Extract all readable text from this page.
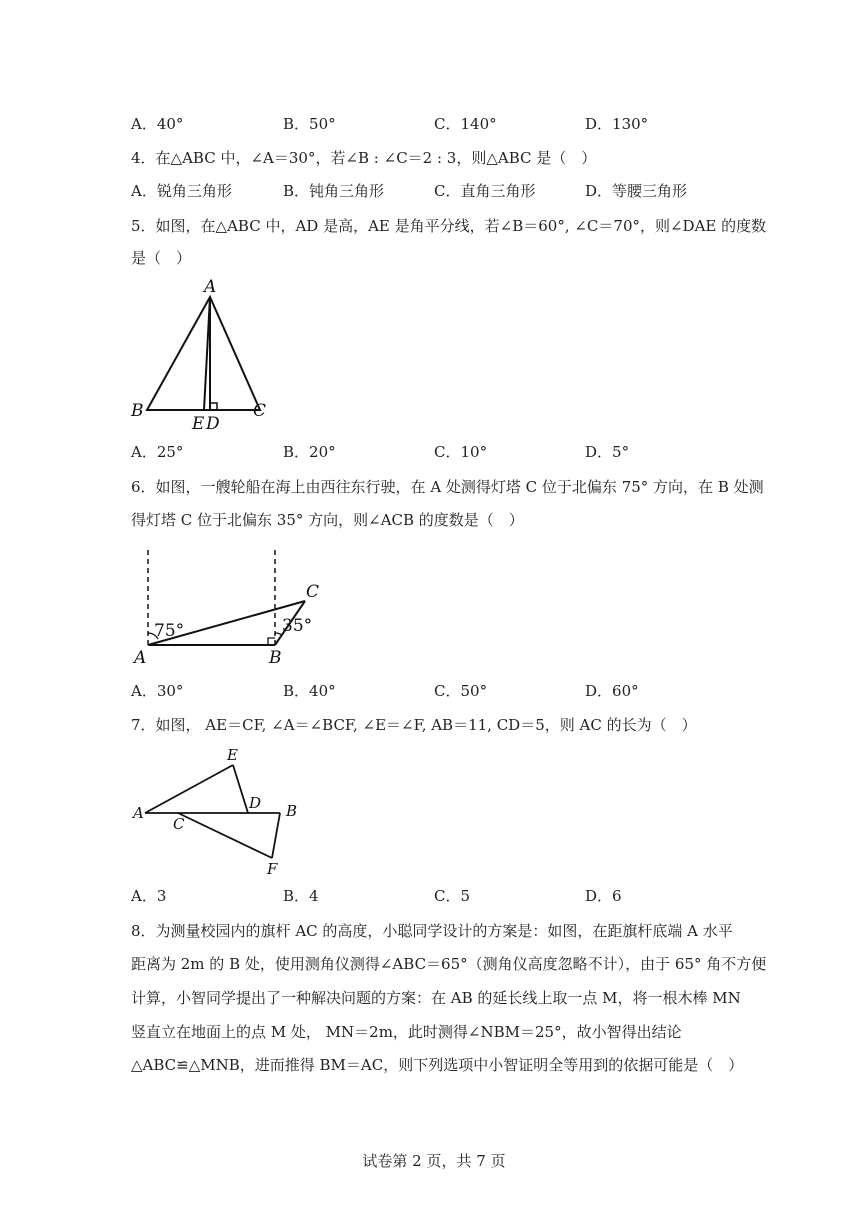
A．40°	B．50°	C．140°	D．130°
4．在△ABC 中，∠A＝30°，若∠B : ∠C＝2 : 3，则△ABC 是（　）
A．锐角三角形	B．钝角三角形	C．直角三角形	D．等腰三角形
5．如图，在△ABC 中，AD 是高，AE 是角平分线，若∠B＝60°, ∠C＝70°，则∠DAE 的度数
是（　）
A
B	C
E D
A．25°	B．20°	C．10°	D．5°
6．如图，一艘轮船在海上由西往东行驶，在 A 处测得灯塔 C 位于北偏东 75° 方向，在 B 处测
得灯塔 C 位于北偏东 35° 方向，则∠ACB 的度数是（　）
75°	35°
A	B
C
A．30°	B．40°	C．50°	D．60°
7．如图， AE＝CF, ∠A＝∠BCF, ∠E＝∠F, AB＝11, CD＝5，则 AC 的长为（　）
A
E
D B
C
F
A．3	B．4	C．5	D．6
8．为测量校园内的旗杆 AC 的高度，小聪同学设计的方案是：如图，在距旗杆底端 A 水平
距离为 2m 的 B 处，使用测角仪测得∠ABC＝65°（测角仪高度忽略不计），由于 65° 角不方便
计算，小智同学提出了一种解决问题的方案：在 AB 的延长线上取一点 M，将一根木棒 MN
竖直立在地面上的点 M 处， MN＝2m，此时测得∠NBM＝25°，故小智得出结论
△ABC≌△MNB，进而推得 BM＝AC，则下列选项中小智证明全等用到的依据可能是（　）
试卷第 2 页，共 7 页
